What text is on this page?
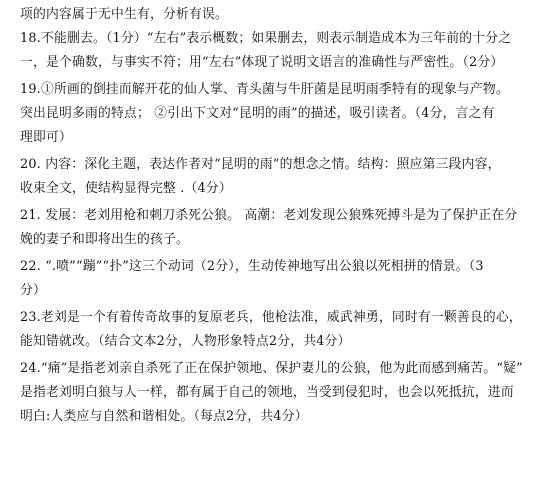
项的内容属于无中生有，分析有误。
18.不能删去。（1分）“左右”表示概数；如果删去，则表示制造成本为三年前的十分之
一，是个确数，与事实不符；用“左右”体现了说明文语言的准确性与严密性。（2分）
19.①所画的倒挂而解开花的仙人掌、青头菌与牛肝菌是昆明雨季特有的现象与产物。
突出昆明多雨的特点； ②引出下文对“昆明的雨”的描述，吸引读者。（4分，言之有
理即可）
20. 内容：深化主题，表达作者对“昆明的雨”的想念之情。结构：照应第三段内容，
收束全文，使结构显得完整 .（4分）
21. 发展：老刘用枪和刺刀杀死公狼。 高潮：老刘发现公狼殊死搏斗是为了保护正在分
娩的妻子和即将出生的孩子。
22. “.喷”“蹦”“扑”这三个动词（2分），生动传神地写出公狼以死相拼的情景。（3
分）
23.老刘是一个有着传奇故事的复原老兵，他枪法准，威武神勇，同时有一颗善良的心，
能知错就改。（结合文本2分，人物形象特点2分，共4分）
24.“痛”是指老刘亲自杀死了正在保护领地、保护妻儿的公狼，他为此而感到痛苦。“疑”
是指老刘明白狼与人一样，都有属于自己的领地，当受到侵犯时，也会以死抵抗，进而
明白:人类应与自然和谐相处。（每点2分，共4分）
